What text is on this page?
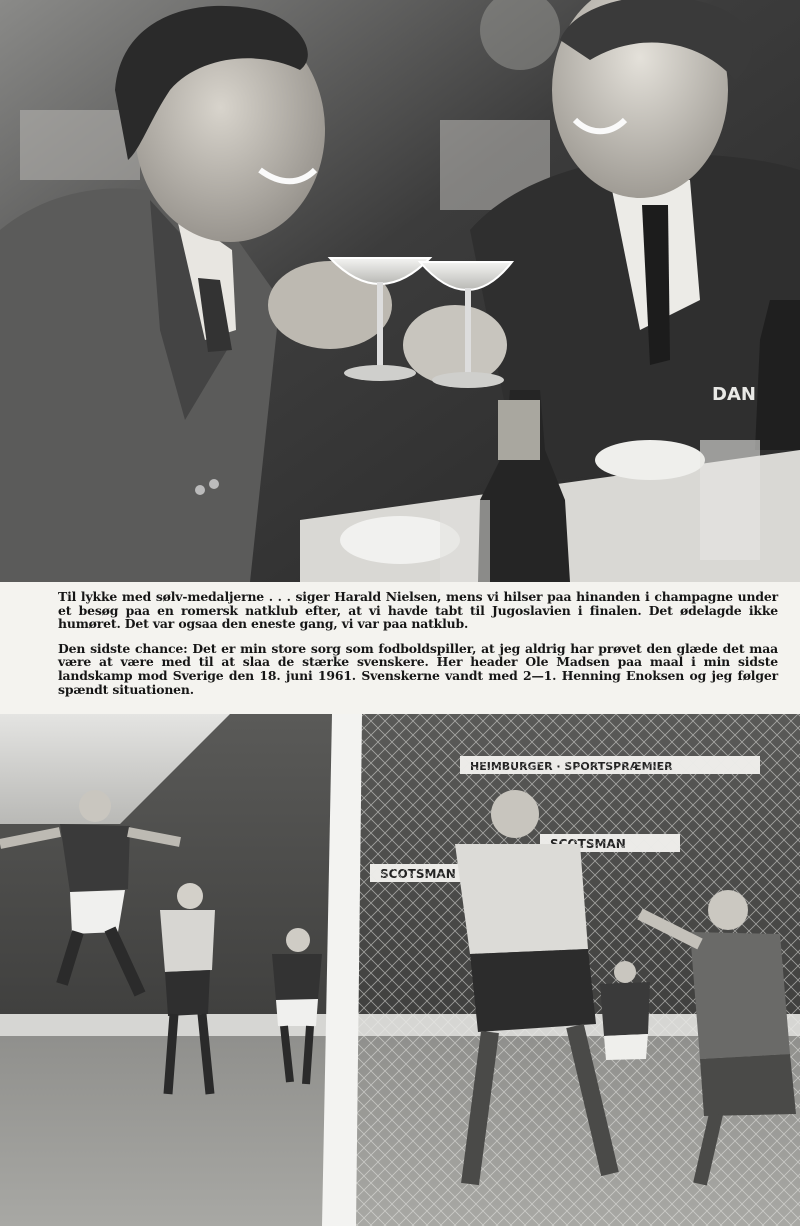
DAN

Til lykke med sølv-medaljerne . . . siger Harald Nielsen, mens vi hilser paa hinanden i champagne under et besøg paa en romersk natklub efter, at vi havde tabt til Jugoslavien i finalen. Det ødelagde ikke humøret. Det var ogsaa den eneste gang, vi var paa natklub.

Den sidste chance: Det er min store sorg som fodboldspiller, at jeg aldrig har prøvet den glæde det maa være at være med til at slaa de stærke svenskere. Her header Ole Madsen paa maal i min sidste landskamp mod Sverige den 18. juni 1961. Svenskerne vandt med 2—1. Henning Enoksen og jeg følger spændt situationen.
